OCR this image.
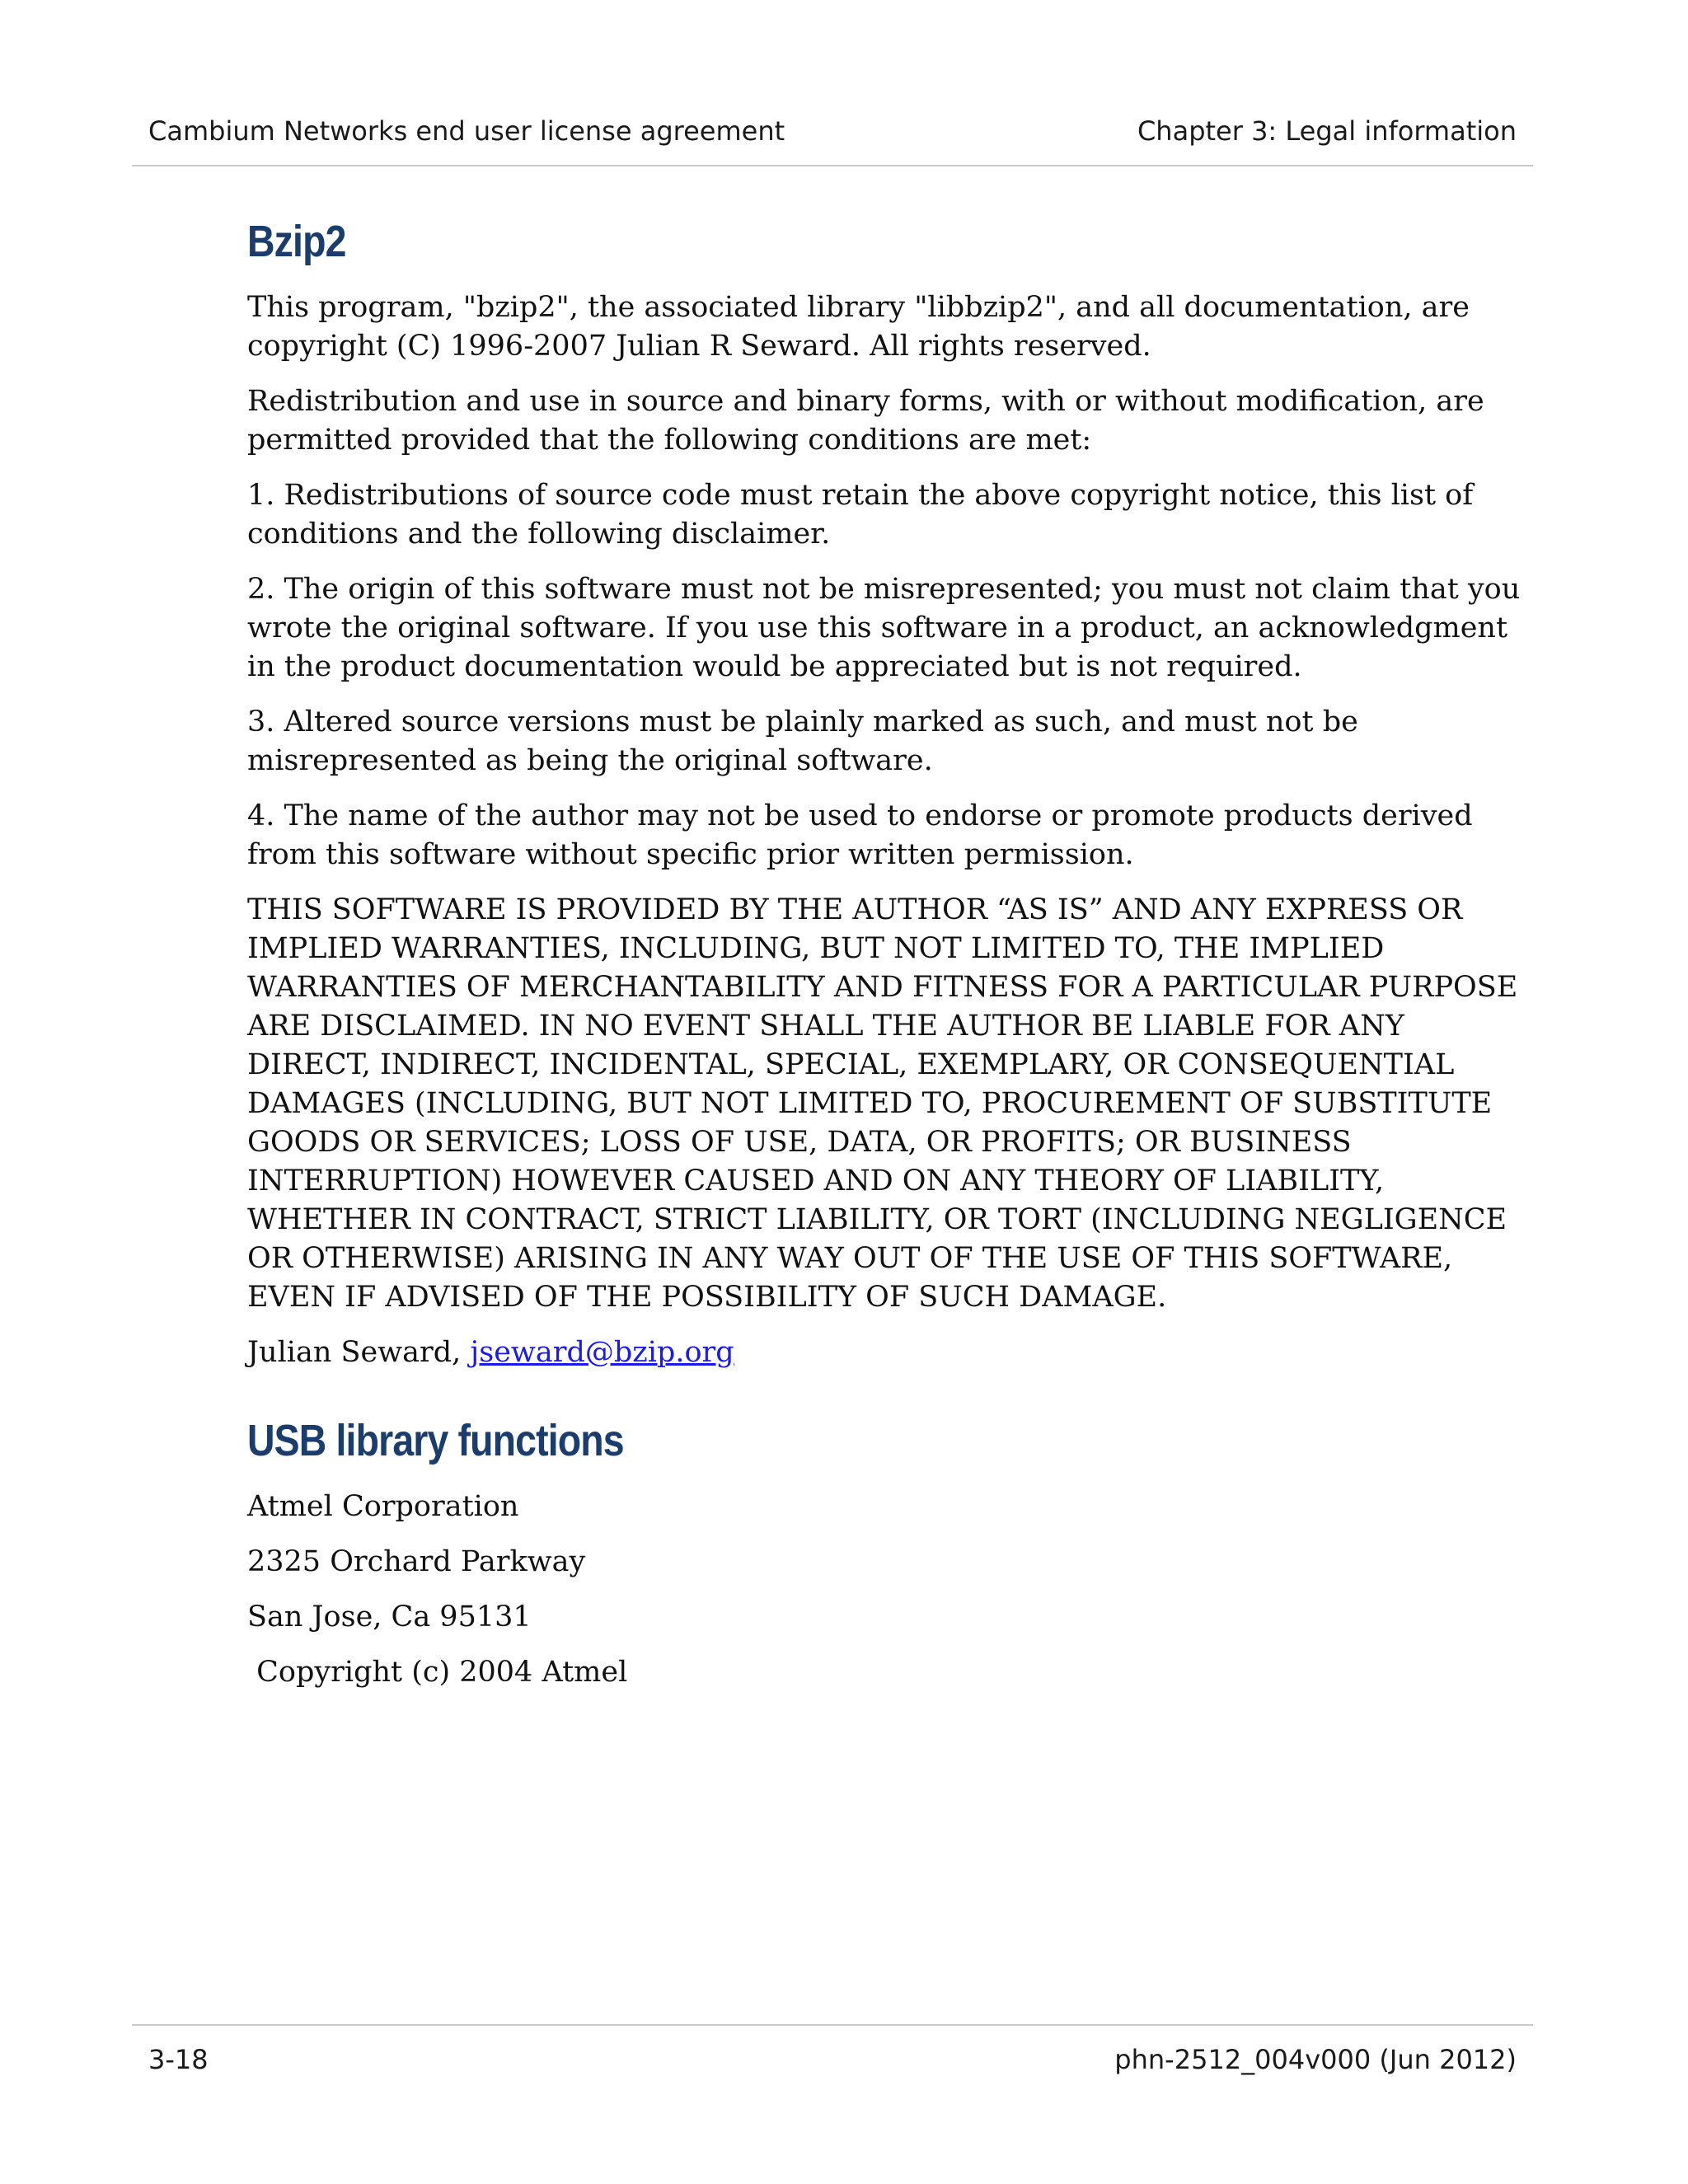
Cambium Networks end user license agreement	Chapter 3: Legal information
Bzip2

This program, "bzip2", the associated library "libbzip2", and all documentation, are copyright (C) 1996-2007 Julian R Seward. All rights reserved.

Redistribution and use in source and binary forms, with or without modification, are permitted provided that the following conditions are met:

1. Redistributions of source code must retain the above copyright notice, this list of conditions and the following disclaimer.

2. The origin of this software must not be misrepresented; you must not claim that you wrote the original software. If you use this software in a product, an acknowledgment in the product documentation would be appreciated but is not required.

3. Altered source versions must be plainly marked as such, and must not be misrepresented as being the original software.

4. The name of the author may not be used to endorse or promote products derived from this software without specific prior written permission.

THIS SOFTWARE IS PROVIDED BY THE AUTHOR “AS IS” AND ANY EXPRESS OR IMPLIED WARRANTIES, INCLUDING, BUT NOT LIMITED TO, THE IMPLIED WARRANTIES OF MERCHANTABILITY AND FITNESS FOR A PARTICULAR PURPOSE ARE DISCLAIMED. IN NO EVENT SHALL THE AUTHOR BE LIABLE FOR ANY DIRECT, INDIRECT, INCIDENTAL, SPECIAL, EXEMPLARY, OR CONSEQUENTIAL DAMAGES (INCLUDING, BUT NOT LIMITED TO, PROCUREMENT OF SUBSTITUTE GOODS OR SERVICES; LOSS OF USE, DATA, OR PROFITS; OR BUSINESS INTERRUPTION) HOWEVER CAUSED AND ON ANY THEORY OF LIABILITY, WHETHER IN CONTRACT, STRICT LIABILITY, OR TORT (INCLUDING NEGLIGENCE OR OTHERWISE) ARISING IN ANY WAY OUT OF THE USE OF THIS SOFTWARE, EVEN IF ADVISED OF THE POSSIBILITY OF SUCH DAMAGE.

Julian Seward, jseward@bzip.org

USB library functions

Atmel Corporation

2325 Orchard Parkway

San Jose, Ca 95131

Copyright (c) 2004 Atmel

3-18	phn-2512_004v000 (Jun 2012)
